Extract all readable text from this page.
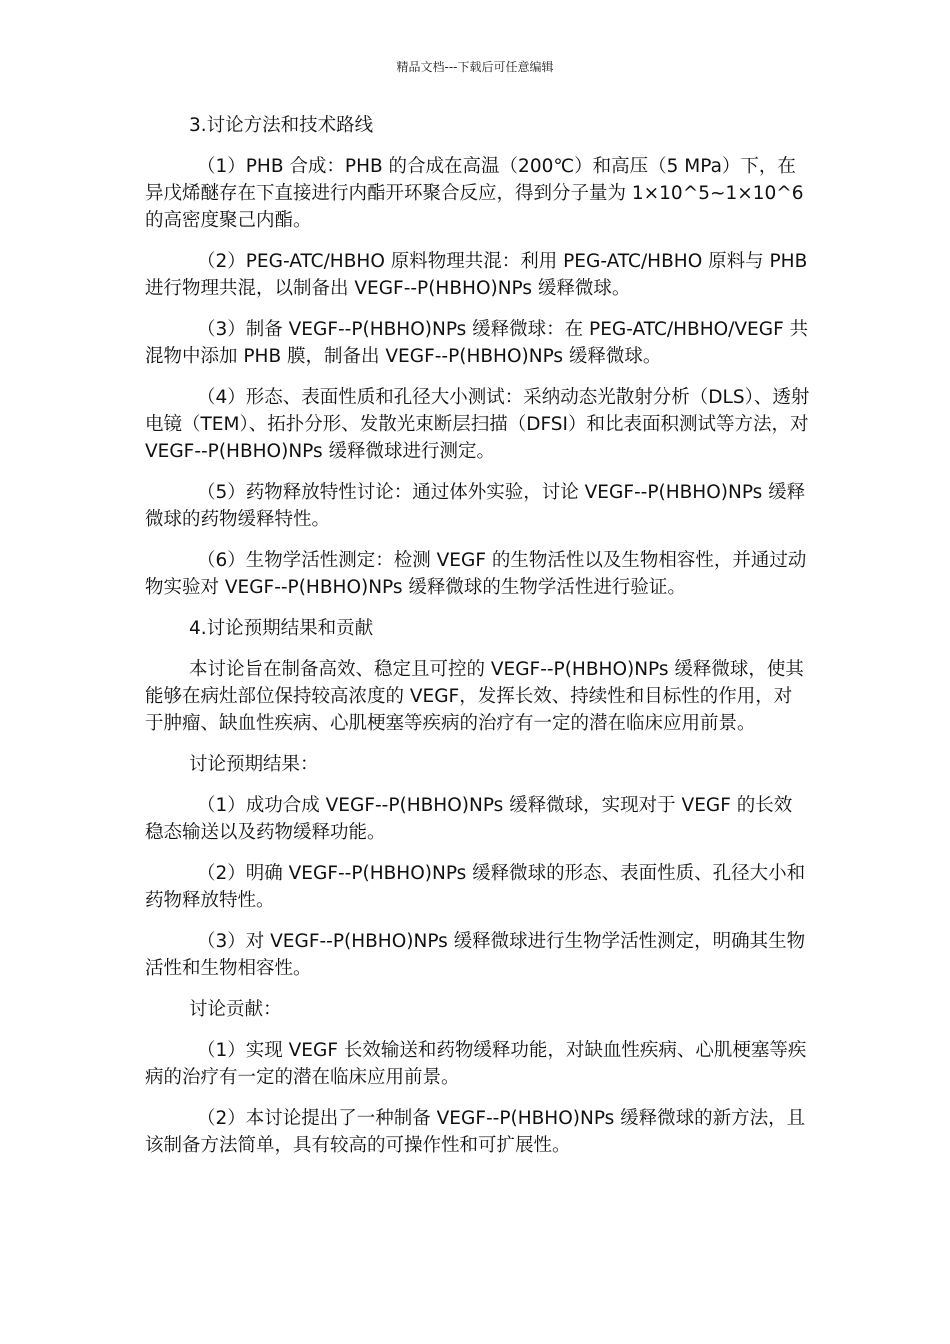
精品文档---下载后可任意编辑

3.讨论方法和技术路线

（1）PHB 合成：PHB 的合成在高温（200℃）和高压（5 MPa）下，在异戊烯醚存在下直接进行内酯开环聚合反应，得到分子量为 1×10^5~1×10^6 的高密度聚己内酯。

（2）PEG-ATC/HBHO 原料物理共混：利用 PEG-ATC/HBHO 原料与 PHB 进行物理共混，以制备出 VEGF--P(HBHO)NPs 缓释微球。

（3）制备 VEGF--P(HBHO)NPs 缓释微球：在 PEG-ATC/HBHO/VEGF 共混物中添加 PHB 膜，制备出 VEGF--P(HBHO)NPs 缓释微球。

（4）形态、表面性质和孔径大小测试：采纳动态光散射分析（DLS）、透射电镜（TEM）、拓扑分形、发散光束断层扫描（DFSI）和比表面积测试等方法，对 VEGF--P(HBHO)NPs 缓释微球进行测定。

（5）药物释放特性讨论：通过体外实验，讨论 VEGF--P(HBHO)NPs 缓释微球的药物缓释特性。

（6）生物学活性测定：检测 VEGF 的生物活性以及生物相容性，并通过动物实验对 VEGF--P(HBHO)NPs 缓释微球的生物学活性进行验证。

4.讨论预期结果和贡献

本讨论旨在制备高效、稳定且可控的 VEGF--P(HBHO)NPs 缓释微球，使其能够在病灶部位保持较高浓度的 VEGF，发挥长效、持续性和目标性的作用，对于肿瘤、缺血性疾病、心肌梗塞等疾病的治疗有一定的潜在临床应用前景。

讨论预期结果：

（1）成功合成 VEGF--P(HBHO)NPs 缓释微球，实现对于 VEGF 的长效稳态输送以及药物缓释功能。

（2）明确 VEGF--P(HBHO)NPs 缓释微球的形态、表面性质、孔径大小和药物释放特性。

（3）对 VEGF--P(HBHO)NPs 缓释微球进行生物学活性测定，明确其生物活性和生物相容性。

讨论贡献：

（1）实现 VEGF 长效输送和药物缓释功能，对缺血性疾病、心肌梗塞等疾病的治疗有一定的潜在临床应用前景。

（2）本讨论提出了一种制备 VEGF--P(HBHO)NPs 缓释微球的新方法，且该制备方法简单，具有较高的可操作性和可扩展性。
